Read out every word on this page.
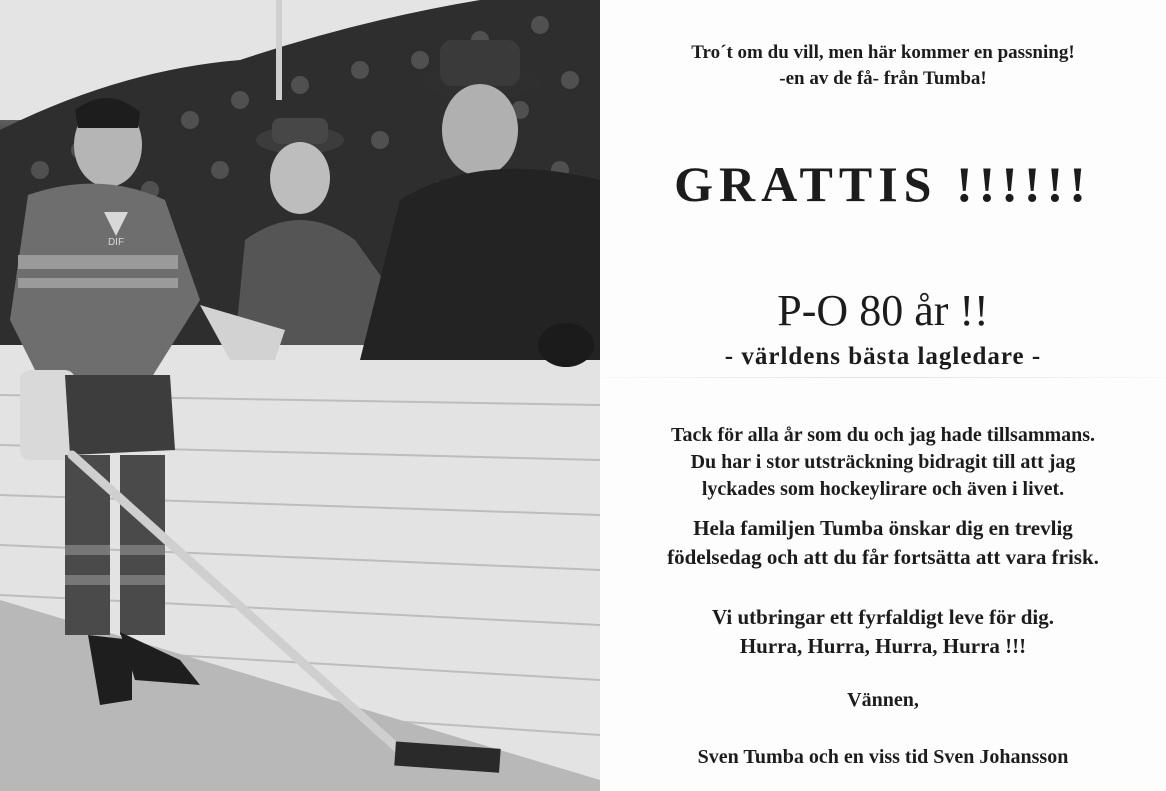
DIF
Tro´t om du vill, men här kommer en passning!
-en av de få- från Tumba!
GRATTIS !!!!!!
P-O 80 år !!
- världens bästa lagledare -
Tack för alla år som du och jag hade tillsammans.
Du har i stor utsträckning bidragit till att jag
lyckades som hockeylirare och även i livet.
Hela familjen Tumba önskar dig en trevlig
födelsedag och att du får fortsätta att vara frisk.
Vi utbringar ett fyrfaldigt leve för dig.
Hurra, Hurra, Hurra, Hurra !!!
Vännen,
Sven Tumba och en viss tid Sven Johansson
